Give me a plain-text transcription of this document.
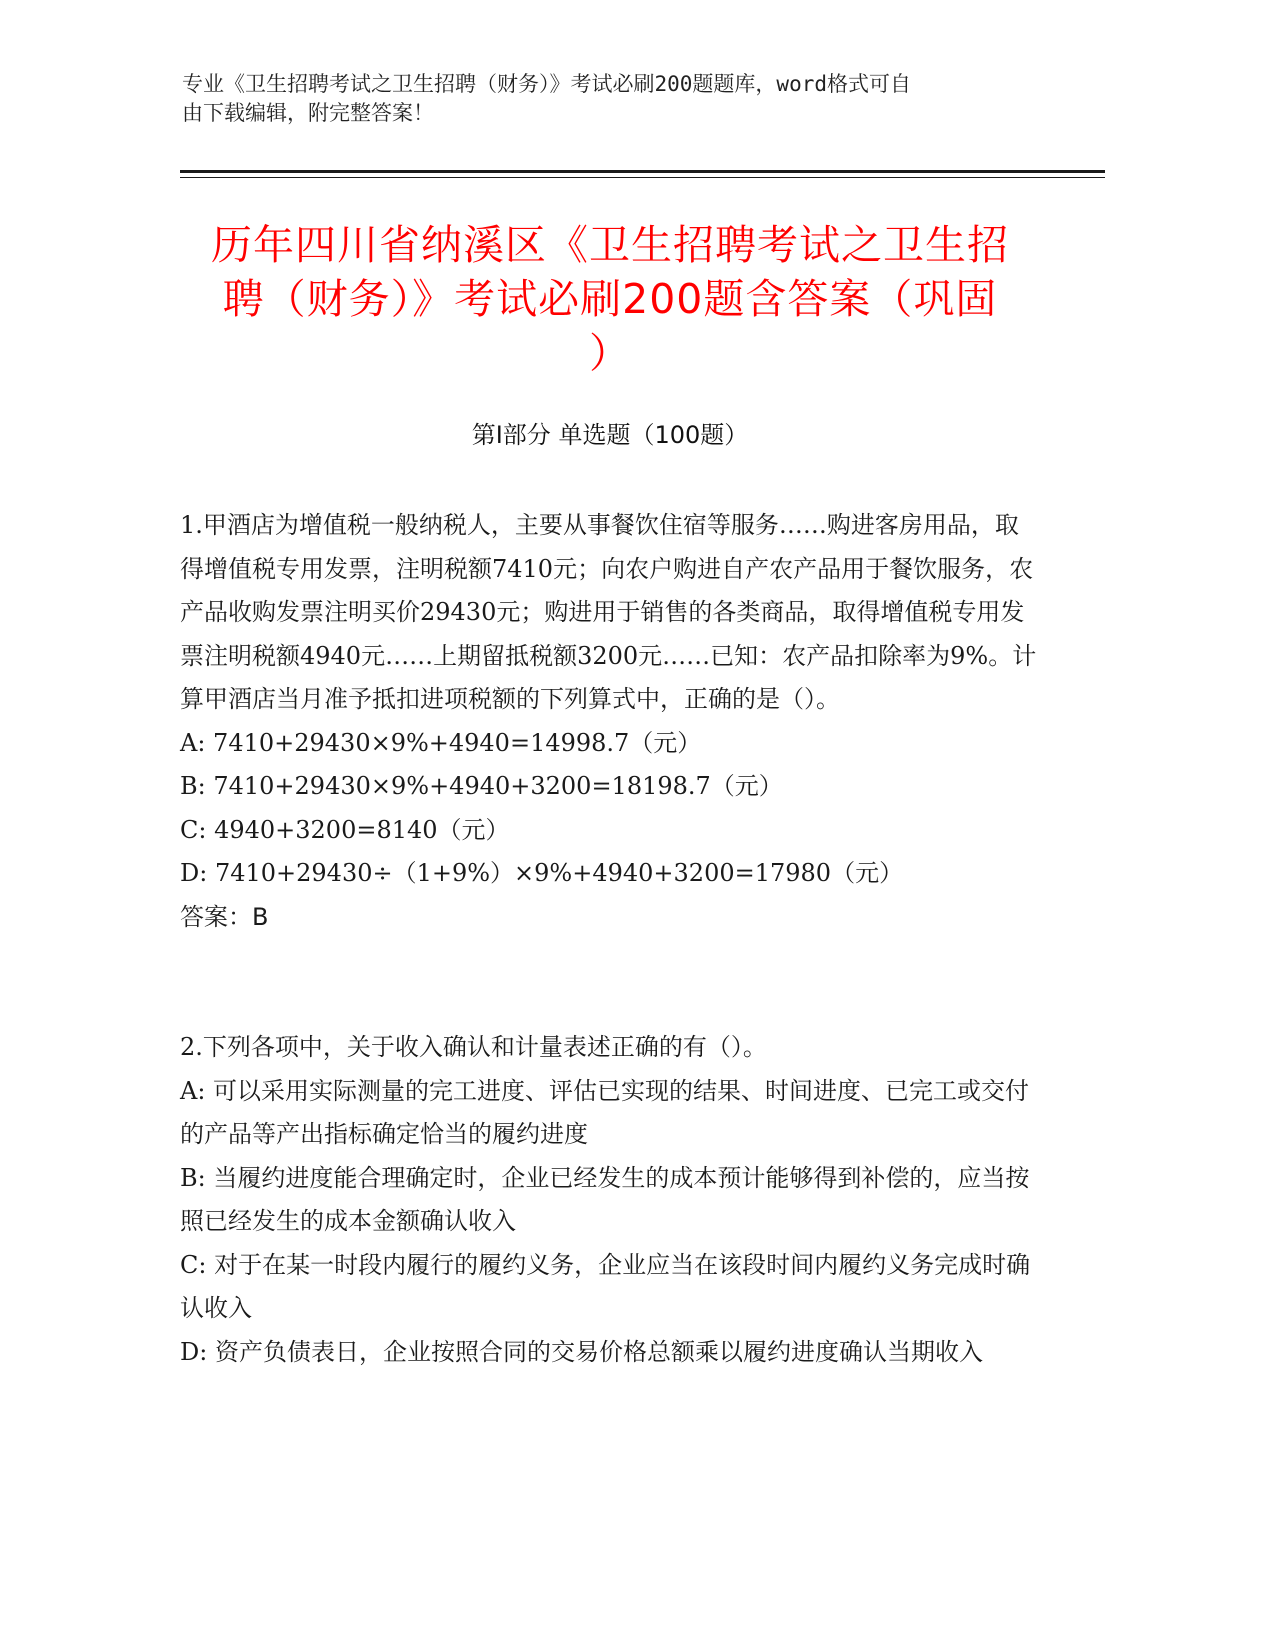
专业《卫生招聘考试之卫生招聘（财务）》考试必刷200题题库，word格式可自
由下载编辑，附完整答案！
历年四川省纳溪区《卫生招聘考试之卫生招
聘（财务）》考试必刷200题含答案（巩固
）
第I部分 单选题（100题）

1.甲酒店为增值税一般纳税人，主要从事餐饮住宿等服务……购进客房用品，取得增值税专用发票，注明税额7410元；向农户购进自产农产品用于餐饮服务，农产品收购发票注明买价29430元；购进用于销售的各类商品，取得增值税专用发票注明税额4940元……上期留抵税额3200元……已知：农产品扣除率为9%。计算甲酒店当月准予抵扣进项税额的下列算式中，正确的是（）。

A: 7410+29430×9%+4940=14998.7（元）

B: 7410+29430×9%+4940+3200=18198.7（元）

C: 4940+3200=8140（元）

D: 7410+29430÷（1+9%）×9%+4940+3200=17980（元）

答案：B

2.下列各项中，关于收入确认和计量表述正确的有（）。

A: 可以采用实际测量的完工进度、评估已实现的结果、时间进度、已完工或交付的产品等产出指标确定恰当的履约进度

B: 当履约进度能合理确定时，企业已经发生的成本预计能够得到补偿的，应当按照已经发生的成本金额确认收入

C: 对于在某一时段内履行的履约义务，企业应当在该段时间内履约义务完成时确认收入

D: 资产负债表日，企业按照合同的交易价格总额乘以履约进度确认当期收入
